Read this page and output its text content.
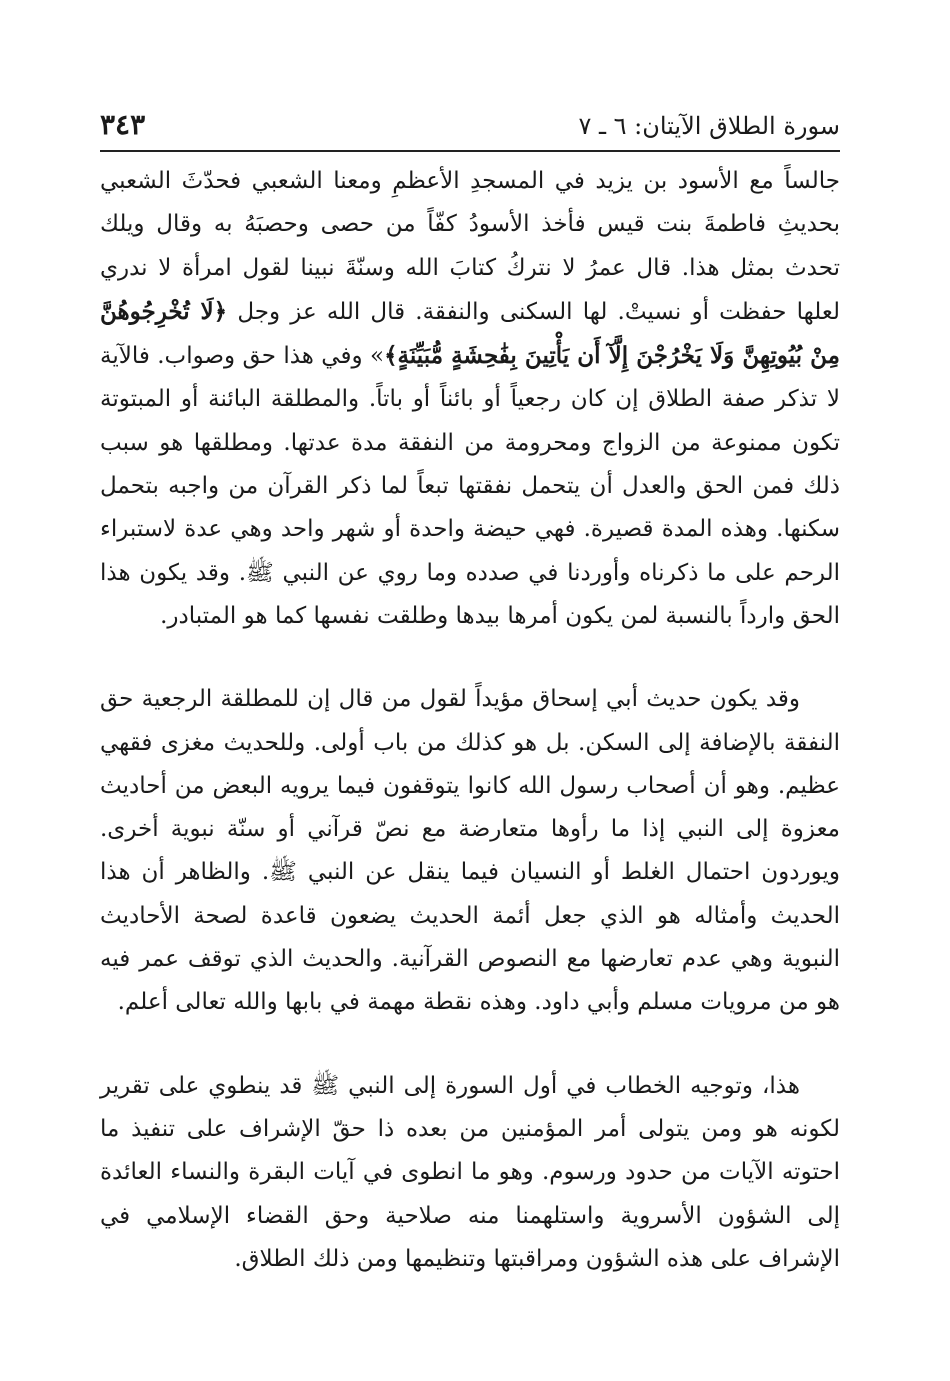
سورة الطلاق الآيتان: ٦ ـ ٧
٣٤٣

جالساً مع الأسود بن يزيد في المسجدِ الأعظمِ ومعنا الشعبي فحدّثَ الشعبي بحديثِ فاطمةَ بنت قيس فأخذ الأسودُ كفّاً من حصى وحصبَهُ به وقال ويلك تحدث بمثل هذا. قال عمرُ لا نتركُ كتابَ الله وسنّةَ نبينا لقول امرأة لا ندري لعلها حفظت أو نسيتْ. لها السكنى والنفقة. قال الله عز وجل ﴿لَا تُخْرِجُوهُنَّ مِنْ بُيُوتِهِنَّ وَلَا يَخْرُجْنَ إِلَّآ أَن يَأْتِينَ بِفَٰحِشَةٍ مُّبَيِّنَةٍ﴾» وفي هذا حق وصواب. فالآية لا تذكر صفة الطلاق إن كان رجعياً أو بائناً أو باتاً. والمطلقة البائنة أو المبتوتة تكون ممنوعة من الزواج ومحرومة من النفقة مدة عدتها. ومطلقها هو سبب ذلك فمن الحق والعدل أن يتحمل نفقتها تبعاً لما ذكر القرآن من واجبه بتحمل سكنها. وهذه المدة قصيرة. فهي حيضة واحدة أو شهر واحد وهي عدة لاستبراء الرحم على ما ذكرناه وأوردنا في صدده وما روي عن النبي ﷺ. وقد يكون هذا الحق وارداً بالنسبة لمن يكون أمرها بيدها وطلقت نفسها كما هو المتبادر.

وقد يكون حديث أبي إسحاق مؤيداً لقول من قال إن للمطلقة الرجعية حق النفقة بالإضافة إلى السكن. بل هو كذلك من باب أولى. وللحديث مغزى فقهي عظيم. وهو أن أصحاب رسول الله كانوا يتوقفون فيما يرويه البعض من أحاديث معزوة إلى النبي إذا ما رأوها متعارضة مع نصّ قرآني أو سنّة نبوية أخرى. ويوردون احتمال الغلط أو النسيان فيما ينقل عن النبي ﷺ. والظاهر أن هذا الحديث وأمثاله هو الذي جعل أئمة الحديث يضعون قاعدة لصحة الأحاديث النبوية وهي عدم تعارضها مع النصوص القرآنية. والحديث الذي توقف عمر فيه هو من مرويات مسلم وأبي داود. وهذه نقطة مهمة في بابها والله تعالى أعلم.

هذا، وتوجيه الخطاب في أول السورة إلى النبي ﷺ قد ينطوي على تقرير لكونه هو ومن يتولى أمر المؤمنين من بعده ذا حقّ الإشراف على تنفيذ ما احتوته الآيات من حدود ورسوم. وهو ما انطوى في آيات البقرة والنساء العائدة إلى الشؤون الأسروية واستلهمنا منه صلاحية وحق القضاء الإسلامي في الإشراف على هذه الشؤون ومراقبتها وتنظيمها ومن ذلك الطلاق.
